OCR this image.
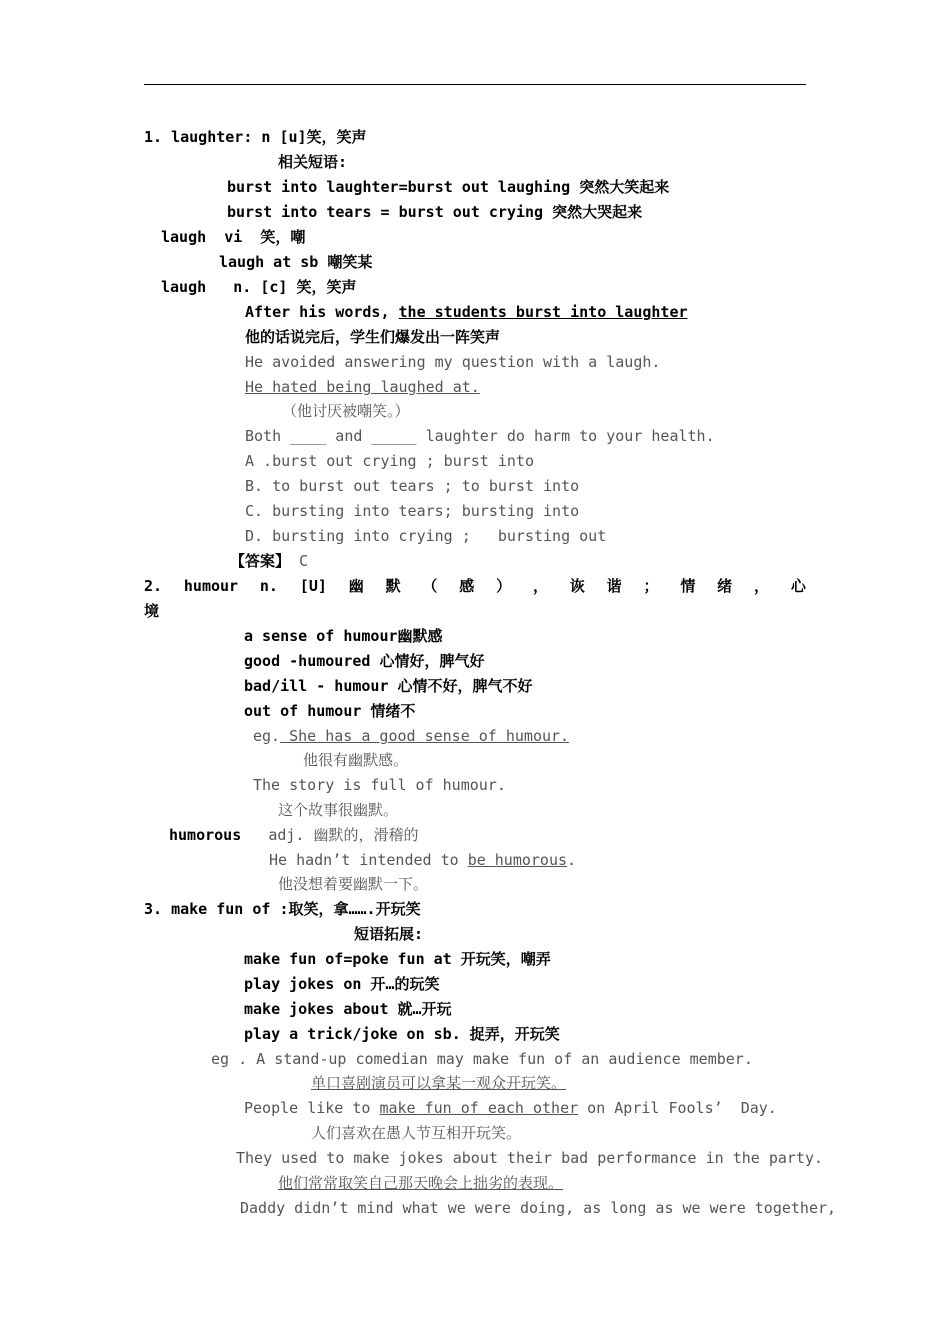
1. laughter: n [u]笑，笑声
相关短语:
burst into laughter=burst out laughing 突然大笑起来
burst into tears = burst out crying 突然大哭起来
laugh  vi  笑，嘲
laugh at sb 嘲笑某
laugh   n. [c] 笑，笑声
After his words, the students burst into laughter
他的话说完后，学生们爆发出一阵笑声
He avoided answering my question with a laugh.
He hated being laughed at.
（他讨厌被嘲笑。）
Both ____ and _____ laughter do harm to your health.
A .burst out crying ; burst into
B. to burst out tears ; to burst into
C. bursting into tears; bursting into
D. bursting into crying ;   bursting out
【答案】 C
2. humour n. [U] 幽 默 （ 感 ） ， 诙 谐 ； 情 绪 ， 心
境
a sense of humour幽默感
good -humoured 心情好，脾气好
bad/ill - humour 心情不好，脾气不好
out of humour 情绪不
eg. She has a good sense of humour.
他很有幽默感。
The story is full of humour.
这个故事很幽默。
humorous   adj. 幽默的，滑稽的
He hadn’t intended to be humorous.
他没想着要幽默一下。
3. make fun of :取笑，拿…….开玩笑
短语拓展:
make fun of=poke fun at 开玩笑，嘲弄
play jokes on 开…的玩笑
make jokes about 就…开玩
play a trick/joke on sb. 捉弄，开玩笑
eg . A stand-up comedian may make fun of an audience member.
单口喜剧演员可以拿某一观众开玩笑。
People like to make fun of each other on April Fools’  Day.
人们喜欢在愚人节互相开玩笑。
They used to make jokes about their bad performance in the party.
他们常常取笑自己那天晚会上拙劣的表现。
Daddy didn’t mind what we were doing, as long as we were together,
